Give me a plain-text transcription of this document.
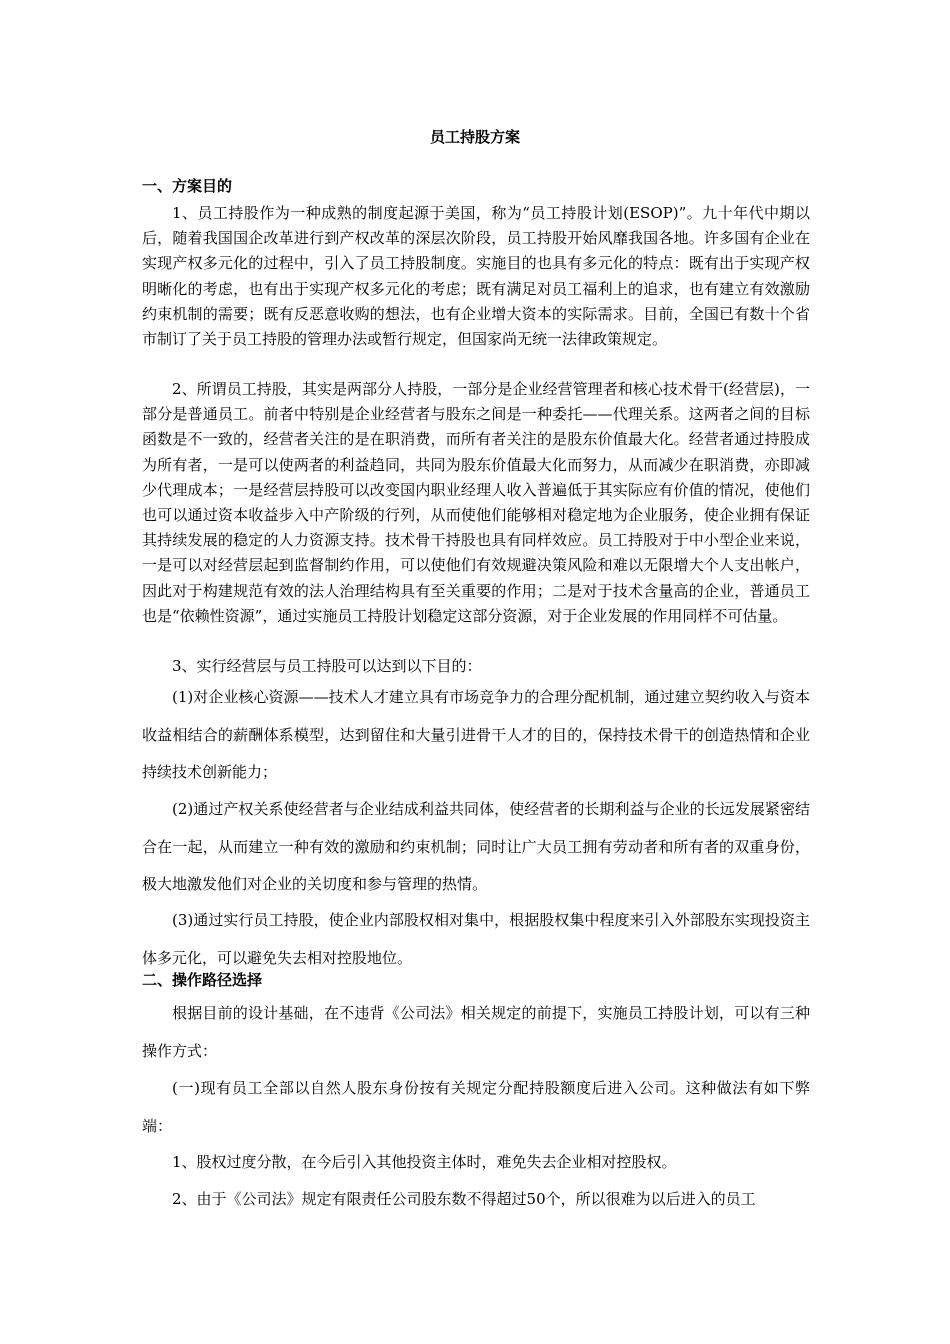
员工持股方案
一、方案目的
1、员工持股作为一种成熟的制度起源于美国，称为“员工持股计划(ESOP)”。九十年代中期以后，随着我国国企改革进行到产权改革的深层次阶段，员工持股开始风靡我国各地。许多国有企业在实现产权多元化的过程中，引入了员工持股制度。实施目的也具有多元化的特点：既有出于实现产权明晰化的考虑，也有出于实现产权多元化的考虑；既有满足对员工福利上的追求，也有建立有效激励约束机制的需要；既有反恶意收购的想法，也有企业增大资本的实际需求。目前，全国已有数十个省市制订了关于员工持股的管理办法或暂行规定，但国家尚无统一法律政策规定。
2、所谓员工持股，其实是两部分人持股，一部分是企业经营管理者和核心技术骨干(经营层)，一部分是普通员工。前者中特别是企业经营者与股东之间是一种委托——代理关系。这两者之间的目标函数是不一致的，经营者关注的是在职消费，而所有者关注的是股东价值最大化。经营者通过持股成为所有者，一是可以使两者的利益趋同，共同为股东价值最大化而努力，从而减少在职消费，亦即减少代理成本；一是经营层持股可以改变国内职业经理人收入普遍低于其实际应有价值的情况，使他们也可以通过资本收益步入中产阶级的行列，从而使他们能够相对稳定地为企业服务，使企业拥有保证其持续发展的稳定的人力资源支持。技术骨干持股也具有同样效应。员工持股对于中小型企业来说，一是可以对经营层起到监督制约作用，可以使他们有效规避决策风险和难以无限增大个人支出帐户，因此对于构建规范有效的法人治理结构具有至关重要的作用；二是对于技术含量高的企业，普通员工也是“依赖性资源”，通过实施员工持股计划稳定这部分资源，对于企业发展的作用同样不可估量。
3、实行经营层与员工持股可以达到以下目的：
(1)对企业核心资源——技术人才建立具有市场竞争力的合理分配机制，通过建立契约收入与资本收益相结合的薪酬体系模型，达到留住和大量引进骨干人才的目的，保持技术骨干的创造热情和企业持续技术创新能力；
(2)通过产权关系使经营者与企业结成利益共同体，使经营者的长期利益与企业的长远发展紧密结合在一起，从而建立一种有效的激励和约束机制；同时让广大员工拥有劳动者和所有者的双重身份，极大地激发他们对企业的关切度和参与管理的热情。
(3)通过实行员工持股，使企业内部股权相对集中，根据股权集中程度来引入外部股东实现投资主体多元化，可以避免失去相对控股地位。
二、操作路径选择
根据目前的设计基础，在不违背《公司法》相关规定的前提下，实施员工持股计划，可以有三种操作方式：
(一)现有员工全部以自然人股东身份按有关规定分配持股额度后进入公司。这种做法有如下弊端：
1、股权过度分散，在今后引入其他投资主体时，难免失去企业相对控股权。
2、由于《公司法》规定有限责任公司股东数不得超过50个，所以很难为以后进入的员工
